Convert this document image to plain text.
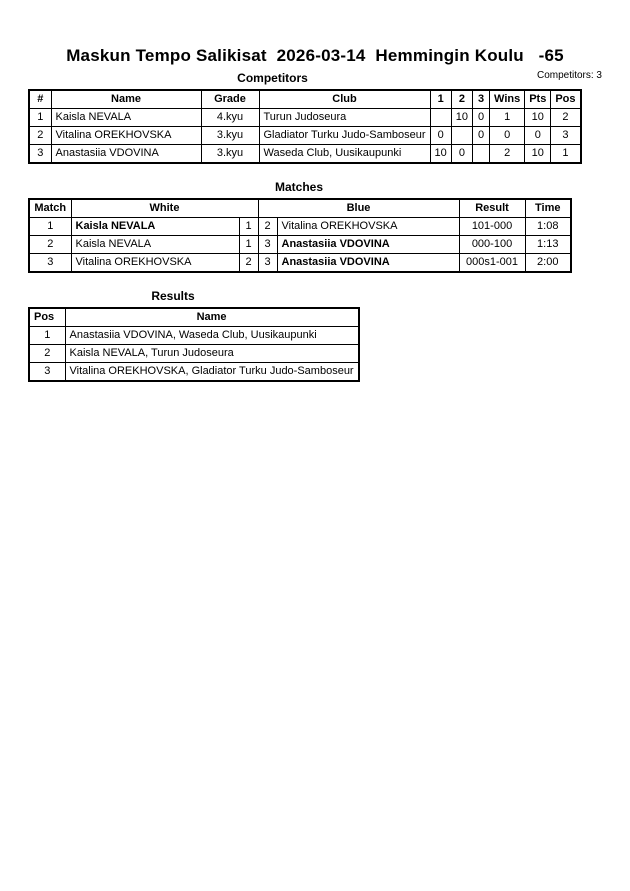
Maskun Tempo Salikisat  2026-03-14  Hemmingin Koulu   -65
Competitors: 3
Competitors
#	Name	Grade	Club	1	2	3	Wins	Pts	Pos
1	Kaisla NEVALA	4.kyu	Turun Judoseura		10	0	1	10	2
2	Vitalina OREKHOVSKA	3.kyu	Gladiator Turku Judo-Samboseur	0		0	0	0	3
3	Anastasiia VDOVINA	3.kyu	Waseda Club, Uusikaupunki	10	0		2	10	1
Matches
Match	White		Blue		Result	Time
1	Kaisla NEVALA	1	2	Vitalina OREKHOVSKA	101-000	1:08
2	Kaisla NEVALA	1	3	Anastasiia VDOVINA	000-100	1:13
3	Vitalina OREKHOVSKA	2	3	Anastasiia VDOVINA	000s1-001	2:00
Results
Pos	Name
1	Anastasiia VDOVINA, Waseda Club, Uusikaupunki
2	Kaisla NEVALA, Turun Judoseura
3	Vitalina OREKHOVSKA, Gladiator Turku Judo-Samboseur
